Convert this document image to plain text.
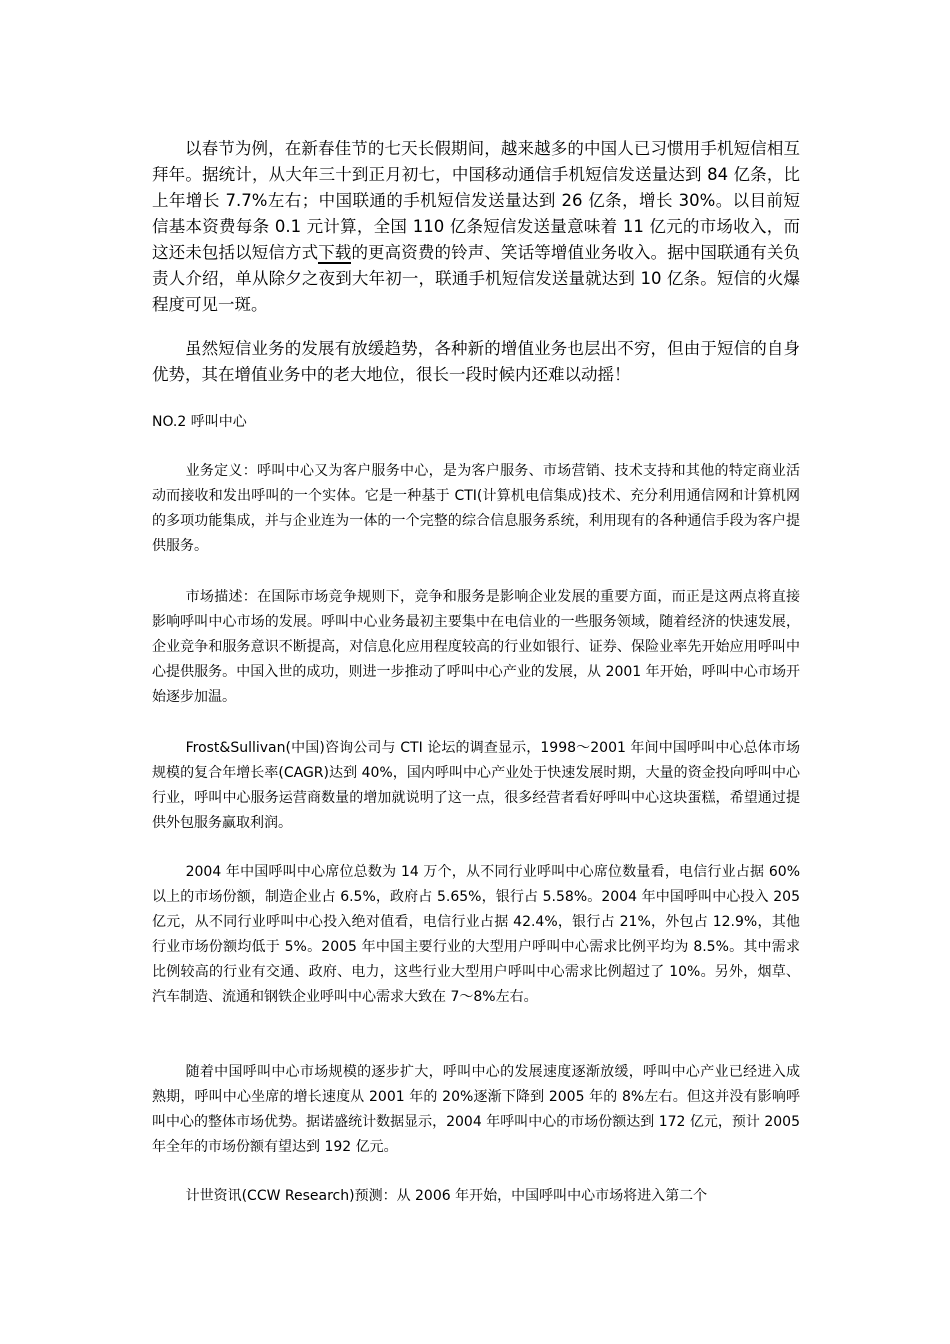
以春节为例，在新春佳节的七天长假期间，越来越多的中国人已习惯用手机短信相互拜年。据统计，从大年三十到正月初七，中国移动通信手机短信发送量达到 84 亿条，比上年增长 7.7%左右；中国联通的手机短信发送量达到 26 亿条，增长 30%。以目前短信基本资费每条 0.1 元计算，全国 110 亿条短信发送量意味着 11 亿元的市场收入，而这还未包括以短信方式下载的更高资费的铃声、笑话等增值业务收入。据中国联通有关负责人介绍，单从除夕之夜到大年初一，联通手机短信发送量就达到 10 亿条。短信的火爆程度可见一斑。

虽然短信业务的发展有放缓趋势，各种新的增值业务也层出不穷，但由于短信的自身优势，其在增值业务中的老大地位，很长一段时候内还难以动摇！

NO.2 呼叫中心

业务定义：呼叫中心又为客户服务中心，是为客户服务、市场营销、技术支持和其他的特定商业活动而接收和发出呼叫的一个实体。它是一种基于 CTI(计算机电信集成)技术、充分利用通信网和计算机网的多项功能集成，并与企业连为一体的一个完整的综合信息服务系统，利用现有的各种通信手段为客户提供服务。

市场描述：在国际市场竞争规则下，竞争和服务是影响企业发展的重要方面，而正是这两点将直接影响呼叫中心市场的发展。呼叫中心业务最初主要集中在电信业的一些服务领域，随着经济的快速发展，企业竞争和服务意识不断提高，对信息化应用程度较高的行业如银行、证券、保险业率先开始应用呼叫中心提供服务。中国入世的成功，则进一步推动了呼叫中心产业的发展，从 2001 年开始，呼叫中心市场开始逐步加温。

Frost&Sullivan(中国)咨询公司与 CTI 论坛的调查显示，1998～2001 年间中国呼叫中心总体市场规模的复合年增长率(CAGR)达到 40%，国内呼叫中心产业处于快速发展时期，大量的资金投向呼叫中心行业，呼叫中心服务运营商数量的增加就说明了这一点，很多经营者看好呼叫中心这块蛋糕，希望通过提供外包服务赢取利润。

2004 年中国呼叫中心席位总数为 14 万个，从不同行业呼叫中心席位数量看，电信行业占据 60%以上的市场份额，制造企业占 6.5%，政府占 5.65%，银行占 5.58%。2004 年中国呼叫中心投入 205 亿元，从不同行业呼叫中心投入绝对值看，电信行业占据 42.4%，银行占 21%，外包占 12.9%，其他行业市场份额均低于 5%。2005 年中国主要行业的大型用户呼叫中心需求比例平均为 8.5%。其中需求比例较高的行业有交通、政府、电力，这些行业大型用户呼叫中心需求比例超过了 10%。另外，烟草、汽车制造、流通和钢铁企业呼叫中心需求大致在 7～8%左右。

随着中国呼叫中心市场规模的逐步扩大，呼叫中心的发展速度逐渐放缓，呼叫中心产业已经进入成熟期，呼叫中心坐席的增长速度从 2001 年的 20%逐渐下降到 2005 年的 8%左右。但这并没有影响呼叫中心的整体市场优势。据诺盛统计数据显示，2004 年呼叫中心的市场份额达到 172 亿元，预计 2005 年全年的市场份额有望达到 192 亿元。

计世资讯(CCW Research)预测：从 2006 年开始，中国呼叫中心市场将进入第二个
